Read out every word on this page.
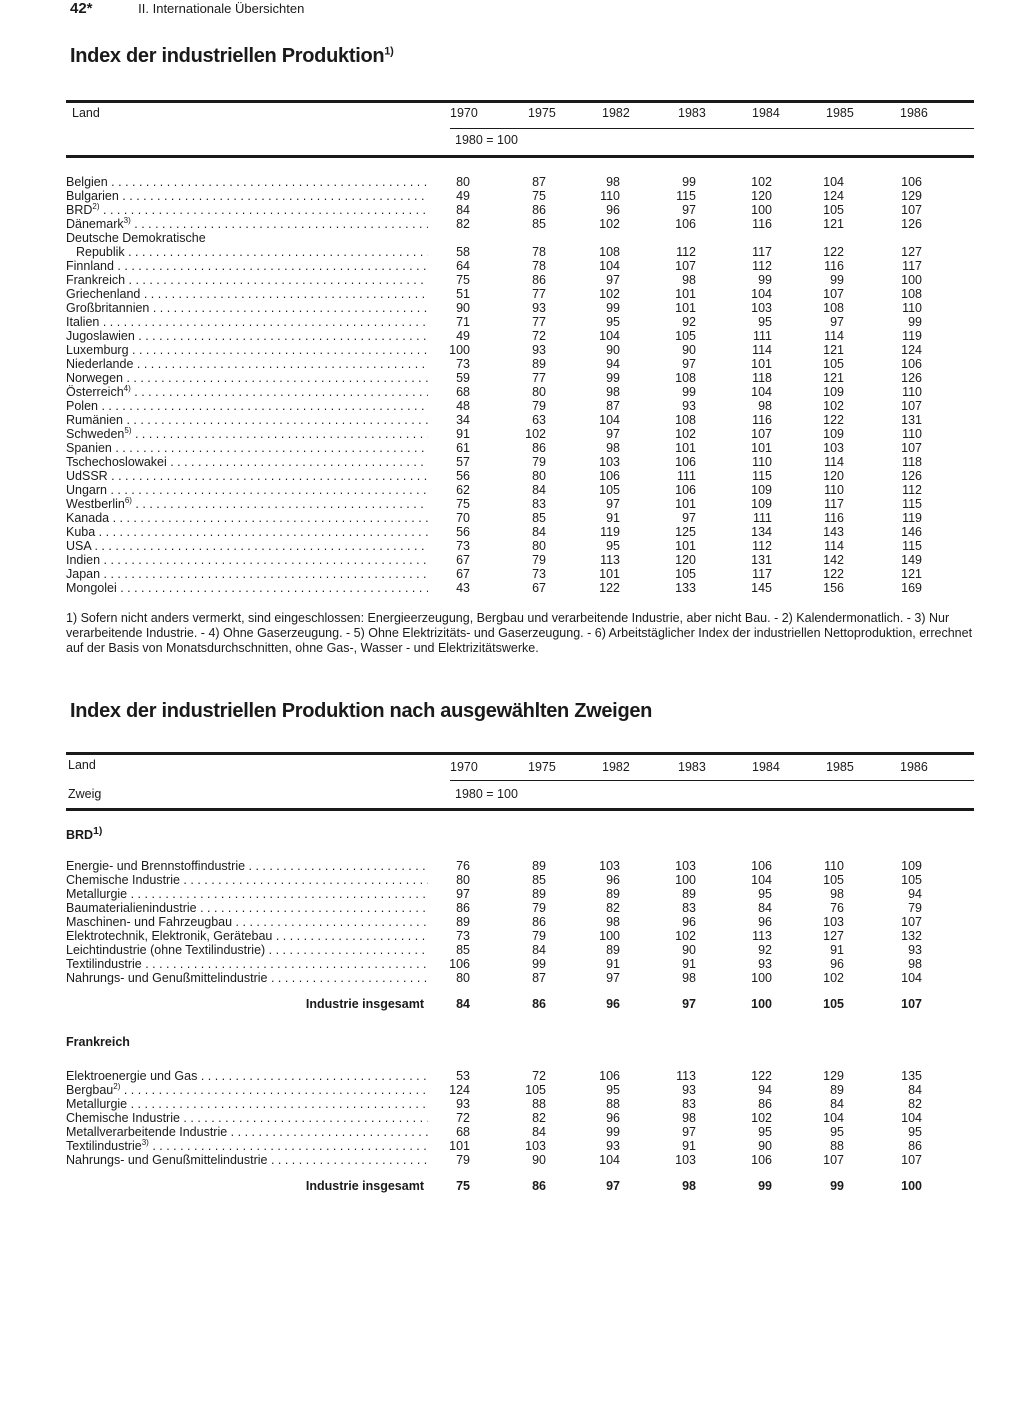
42*	II. Internationale Übersichten
Index der industriellen Produktion$^{1)}$
Land	1970	1975	1982	1983	1984	1985	1986
1980 = 100
Belgien . . .	80	87	98	99	102	104	106
Bulgarien . . .	49	75	110	115	120	124	129
BRD$^{2)}$ . . .	84	86	96	97	100	105	107
Dänemark$^{3)}$ . . .	82	85	102	106	116	121	126
Deutsche Demokratische
Republik . . .	58	78	108	112	117	122	127
Finnland . . .	64	78	104	107	112	116	117
Frankreich . . .	75	86	97	98	99	99	100
Griechenland . . .	51	77	102	101	104	107	108
Großbritannien . . .	90	93	99	101	103	108	110
Italien . . .	71	77	95	92	95	97	99
Jugoslawien . . .	49	72	104	105	111	114	119
Luxemburg . . .	100	93	90	90	114	121	124
Niederlande . . .	73	89	94	97	101	105	106
Norwegen . . .	59	77	99	108	118	121	126
Österreich$^{4)}$ . . .	68	80	98	99	104	109	110
Polen . . .	48	79	87	93	98	102	107
Rumänien . . .	34	63	104	108	116	122	131
Schweden$^{5)}$ . . .	91	102	97	102	107	109	110
Spanien . . .	61	86	98	101	101	103	107
Tschechoslowakei . . .	57	79	103	106	110	114	118
UdSSR . . .	56	80	106	111	115	120	126
Ungarn . . .	62	84	105	106	109	110	112
Westberlin$^{6)}$ . . .	75	83	97	101	109	117	115
Kanada . . .	70	85	91	97	111	116	119
Kuba . . .	56	84	119	125	134	143	146
USA . . .	73	80	95	101	112	114	115
Indien . . .	67	79	113	120	131	142	149
Japan . . .	67	73	101	105	117	122	121
Mongolei . . .	43	67	122	133	145	156	169
1) Sofern nicht anders vermerkt, sind eingeschlossen: Energieerzeugung, Bergbau und verarbeitende Industrie, aber nicht Bau. - 2) Kalendermonatlich. - 3) Nur verarbeitende Industrie. - 4) Ohne Gaserzeugung. - 5) Ohne Elektrizitäts- und Gaserzeugung. - 6) Arbeitstäglicher Index der industriellen Nettoproduktion, errechnet auf der Basis von Monatsdurchschnitten, ohne Gas-, Wasser - und Elektrizitätswerke.
Index der industriellen Produktion nach ausgewählten Zweigen
Land	1970	1975	1982	1983	1984	1985	1986
Zweig	1980 = 100
BRD$^{1)}$
Energie- und Brennstoffindustrie . . .	76	89	103	103	106	110	109
Chemische Industrie . . .	80	85	96	100	104	105	105
Metallurgie . . .	97	89	89	89	95	98	94
Baumaterialienindustrie . . .	86	79	82	83	84	76	79
Maschinen- und Fahrzeugbau . . .	89	86	98	96	96	103	107
Elektrotechnik, Elektronik, Gerätebau . . .	73	79	100	102	113	127	132
Leichtindustrie (ohne Textilindustrie) . . .	85	84	89	90	92	91	93
Textilindustrie . . .	106	99	91	91	93	96	98
Nahrungs- und Genußmittelindustrie . . .	80	87	97	98	100	102	104
Industrie insgesamt	84	86	96	97	100	105	107
Frankreich
Elektroenergie und Gas . . .	53	72	106	113	122	129	135
Bergbau$^{2)}$ . . .	124	105	95	93	94	89	84
Metallurgie . . .	93	88	88	83	86	84	82
Chemische Industrie . . .	72	82	96	98	102	104	104
Metallverarbeitende Industrie . . .	68	84	99	97	95	95	95
Textilindustrie$^{3)}$ . . .	101	103	93	91	90	88	86
Nahrungs- und Genußmittelindustrie . . .	79	90	104	103	106	107	107
Industrie insgesamt	75	86	97	98	99	99	100
